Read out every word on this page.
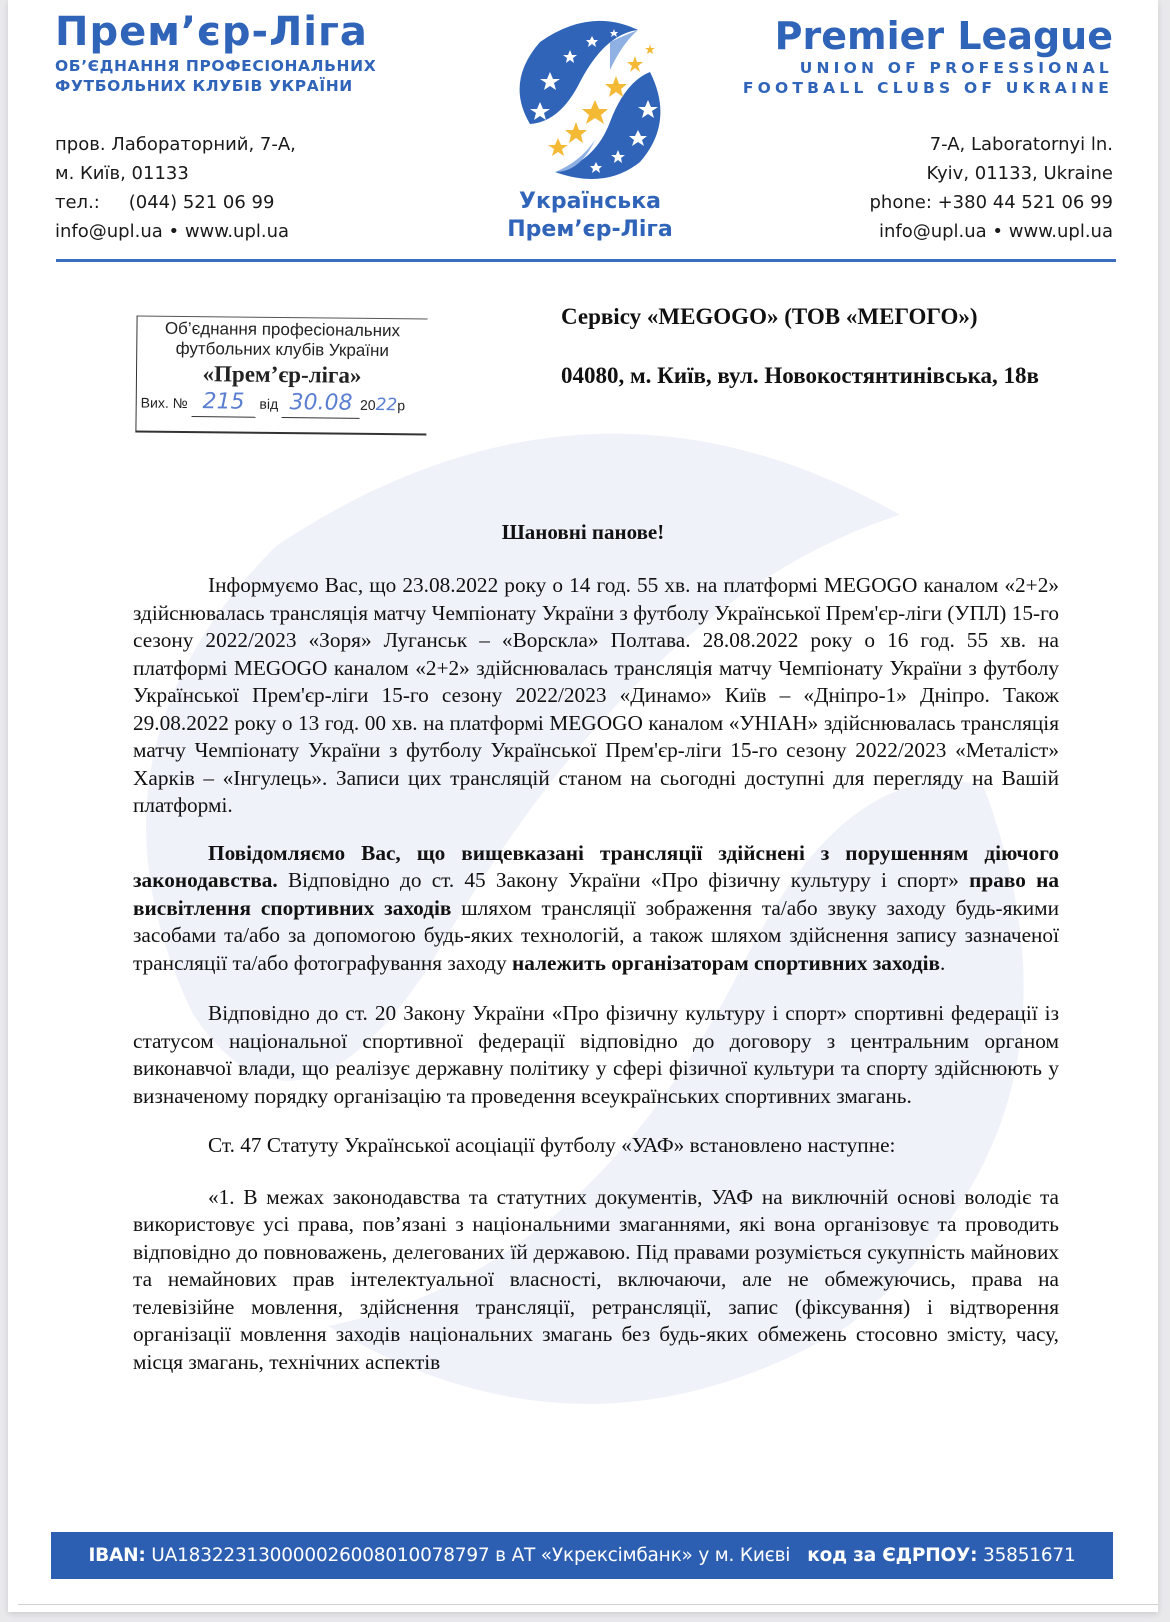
Прем’єр-Ліга
ОБ’ЄДНАННЯ ПРОФЕСІОНАЛЬНИХ
ФУТБОЛЬНИХ КЛУБІВ УКРАЇНИ
пров. Лабораторний, 7-А,
м. Київ, 01133
тел.: (044) 521 06 99
info@upl.ua • www.upl.ua
Українська
Прем’єр-Ліга
Premier League
UNION OF PROFESSIONAL
FOOTBALL CLUBS OF UKRAINE
7-A, Laboratornyi ln.
Kyiv, 01133, Ukraine
phone: +380 44 521 06 99
info@upl.ua • www.upl.ua
Об’єднання професіональних
футбольних клубів України
«Прем’єр-ліга»
Вих. № 215 від 30.08 2022р
Сервісу «MEGOGO» (ТОВ «МЕГОГО»)
04080, м. Київ, вул. Новокостянтинівська, 18в
Шановні панове!

Інформуємо Вас, що 23.08.2022 року о 14 год. 55 хв. на платформі MEGOGO каналом «2+2» здійснювалась трансляція матчу Чемпіонату України з футболу Української Прем'єр-ліги (УПЛ) 15-го сезону 2022/2023 «Зоря» Луганськ – «Ворскла» Полтава. 28.08.2022 року о 16 год. 55 хв. на платформі MEGOGO каналом «2+2» здійснювалась трансляція матчу Чемпіонату України з футболу Української Прем'єр-ліги 15-го сезону 2022/2023 «Динамо» Київ – «Дніпро-1» Дніпро. Також 29.08.2022 року о 13 год. 00 хв. на платформі MEGOGO каналом «УНІАН» здійснювалась трансляція матчу Чемпіонату України з футболу Української Прем'єр-ліги 15-го сезону 2022/2023 «Металіст» Харків – «Інгулець». Записи цих трансляцій станом на сьогодні доступні для перегляду на Вашій платформі.

Повідомляємо Вас, що вищевказані трансляції здійснені з порушенням діючого законодавства. Відповідно до ст. 45 Закону України «Про фізичну культуру і спорт» право на висвітлення спортивних заходів шляхом трансляції зображення та/або звуку заходу будь-якими засобами та/або за допомогою будь-яких технологій, а також шляхом здійснення запису зазначеної трансляції та/або фотографування заходу належить організаторам спортивних заходів.

Відповідно до ст. 20 Закону України «Про фізичну культуру і спорт» спортивні федерації із статусом національної спортивної федерації відповідно до договору з центральним органом виконавчої влади, що реалізує державну політику у сфері фізичної культури та спорту здійснюють у визначеному порядку організацію та проведення всеукраїнських спортивних змагань.

Ст. 47 Статуту Української асоціації футболу «УАФ» встановлено наступне:

«1. В межах законодавства та статутних документів, УАФ на виключній основі володіє та використовує усі права, пов’язані з національними змаганнями, які вона організовує та проводить відповідно до повноважень, делегованих їй державою. Під правами розуміється сукупність майнових та немайнових прав інтелектуальної власності, включаючи, але не обмежуючись, права на телевізійне мовлення, здійснення трансляції, ретрансляції, запис (фіксування) і відтворення організації мовлення заходів національних змагань без будь-яких обмежень стосовно змісту, часу, місця змагань, технічних аспектів

IBAN: UA183223130000026008010078797 в АТ «Укрексімбанк» у м. Києві   код за ЄДРПОУ: 35851671
